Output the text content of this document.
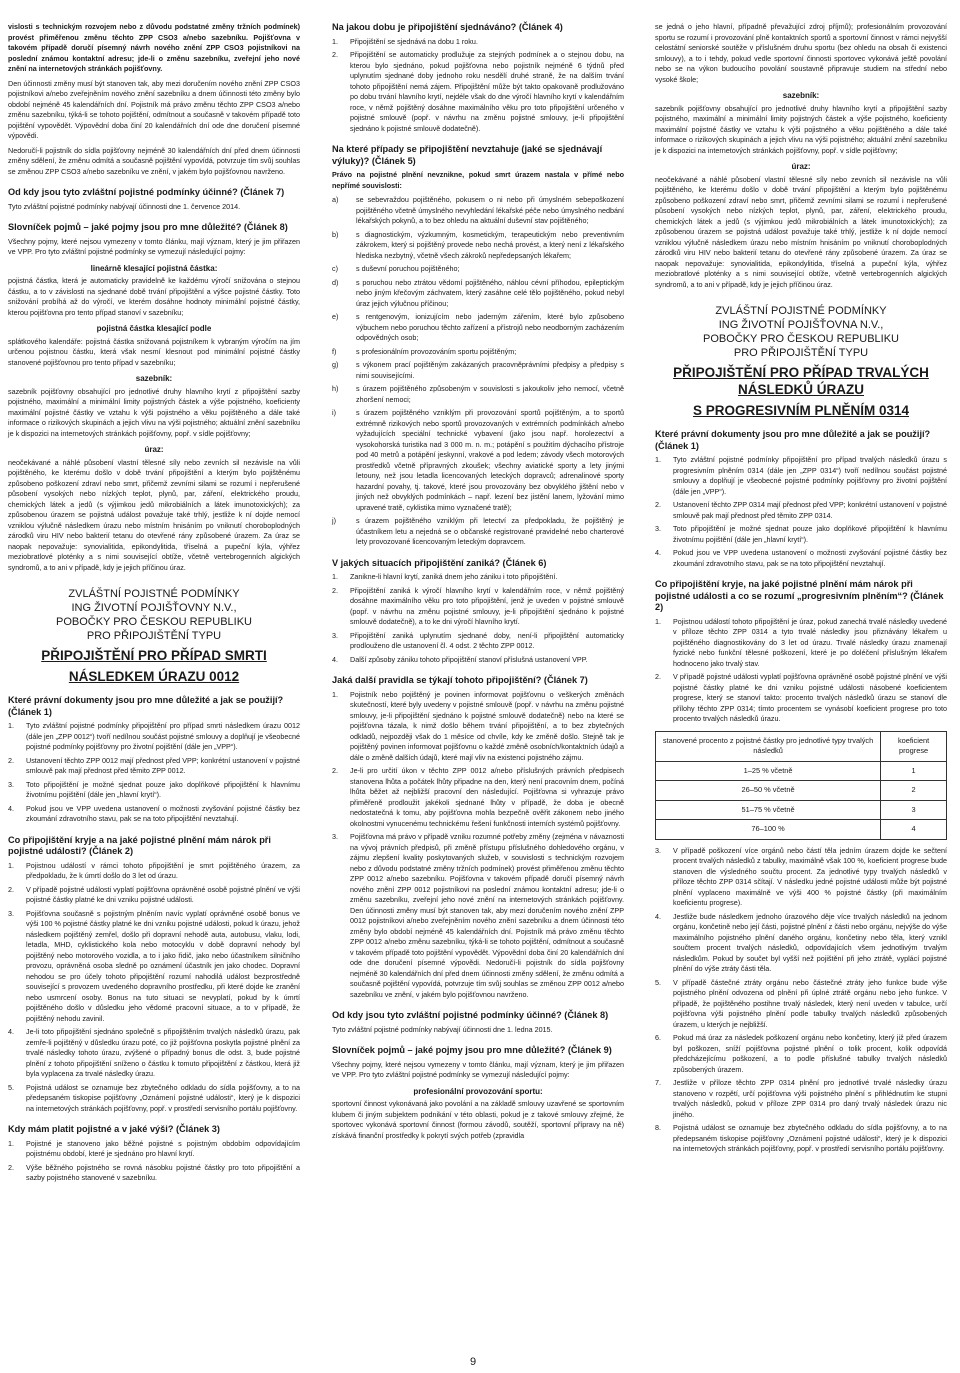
vislosti s technickým rozvojem nebo z důvodu podstatné změny tržních podmínek) provést přiměřenou změnu těchto ZPP CSO3 a/nebo sazebníku. Pojišťovna v takovém případě doručí písemný návrh nového znění ZPP CSO3 pojistníkovi na poslední známou kontaktní adresu; jde-li o změnu sazebníku, zveřejní jeho nové znění na internetových stránkách pojišťovny.

Den účinnosti změny musí být stanoven tak, aby mezi doručením nového znění ZPP CSO3 pojistníkovi a/nebo zveřejněním nového znění sazebníku a dnem účinnosti této změny bylo období nejméně 45 kalendářních dní. Pojistník má právo změnu těchto ZPP CSO3 a/nebo změnu sazebníku, týká-li se tohoto pojištění, odmítnout a současně v takovém případě toto pojištění vypovědět. Výpovědní doba činí 20 kalendářních dní ode dne doručení písemné výpovědi.

Nedoručí-li pojistník do sídla pojišťovny nejméně 30 kalendářních dní před dnem účinnosti změny sdělení, že změnu odmítá a současně pojištění vypovídá, potvrzuje tím svůj souhlas se změnou ZPP CSO3 a/nebo sazebníku ve znění, v jakém bylo pojišťovnou navrženo.

Od kdy jsou tyto zvláštní pojistné podmínky účinné? (Článek 7)

Tyto zvláštní pojistné podmínky nabývají účinnosti dne 1. července 2014.

Slovníček pojmů – jaké pojmy jsou pro mne důležité? (Článek 8)

Všechny pojmy, které nejsou vymezeny v tomto článku, mají význam, který je jim přiřazen ve VPP. Pro tyto zvláštní pojistné podmínky se vymezují následující pojmy:

lineárně klesající pojistná částka:

pojistná částka, která je automaticky pravidelně ke každému výročí snižována o stejnou částku, a to v závislosti na sjednané době trvání připojištění a výšce pojistné částky. Toto snižování probíhá až do výročí, ve kterém dosáhne hodnoty minimální pojistné částky, kterou pojišťovna pro tento případ stanoví v sazebníku;

pojistná částka klesající podle

splátkového kalendáře: pojistná částka snižovaná pojistníkem k vybraným výročím na jím určenou pojistnou částku, která však nesmí klesnout pod minimální pojistné částky stanovené pojišťovnou pro tento případ v sazebníku;

sazebník:

sazebník pojišťovny obsahující pro jednotlivé druhy hlavního krytí z připojištění sazby pojistného, maximální a minimální limity pojistných částek a výše pojistného, koeficienty maximální pojistné částky ve vztahu k výši pojistného a věku pojištěného a dále také informace o rizikových skupinách a jejich vlivu na výši pojistného; aktuální znění sazebníku je k dispozici na internetových stránkách pojišťovny, popř. v sídle pojišťovny;

úraz:

neočekávané a náhlé působení vlastní tělesné síly nebo zevních sil nezávisle na vůli pojištěného, ke kterému došlo v době trvání připojištění a kterým bylo pojištěnému způsobeno poškození zdraví nebo smrt, přičemž zevními silami se rozumí i nepřerušené působení vysokých nebo nízkých teplot, plynů, par, záření, elektrického proudu, chemických látek a jedů (s výjimkou jedů mikrobiálních a látek imunotoxických); za způsobenou úrazem se pojistná událost považuje také trhlý, jestliže k ní dojde nemocí vzniklou výlučně následkem úrazu nebo místním hnisáním po vniknutí choroboplodných zárodků viru HIV nebo bakterií tetanu do otevřené rány způsobené úrazem. Za úraz se naopak nepovažuje: synovialitida, epikondylitida, tříselná a pupeční kýla, výhřez meziobratlové ploténky a s nimi související obtíže, včetně vertebrogenních algických syndromů, a to ani v případě, kdy je jejich příčinou úraz.

ZVLÁŠTNÍ POJISTNÉ PODMÍNKY
ING ŽIVOTNÍ POJIŠŤOVNY N.V.,
POBOČKY PRO ČESKOU REPUBLIKU
PRO PŘIPOJIŠTĚNÍ TYPU
PŘIPOJIŠTĚNÍ PRO PŘÍPAD SMRTI
NÁSLEDKEM ÚRAZU 0012
Které právní dokumenty jsou pro mne důležité a jak se použijí? (Článek 1)
1.	Tyto zvláštní pojistné podmínky připojištění pro případ smrti následkem úrazu 0012 (dále jen „ZPP 0012“) tvoří nedílnou součást pojistné smlouvy a doplňují je všeobecné pojistné podmínky pojišťovny pro životní pojištění (dále jen „VPP“).
2.	Ustanovení těchto ZPP 0012 mají přednost před VPP; konkrétní ustanovení v pojistné smlouvě pak mají přednost před těmito ZPP 0012.
3.	Toto připojištění je možné sjednat pouze jako doplňkové připojištění k hlavnímu životnímu pojištění (dále jen „hlavní krytí“).
4.	Pokud jsou ve VPP uvedena ustanovení o možnosti zvyšování pojistné částky bez zkoumání zdravotního stavu, pak se na toto připojištění nevztahují.
Co připojištění kryje a na jaké pojistné plnění mám nárok při pojistné události? (Článek 2)
1.	Pojistnou událostí v rámci tohoto připojištění je smrt pojištěného úrazem, za předpokladu, že k úmrtí došlo do 3 let od úrazu.
2.	V případě pojistné události vyplatí pojišťovna oprávněné osobě pojistné plnění ve výši pojistné částky platné ke dni vzniku pojistné události.
3.	Pojišťovna současně s pojistným plněním navíc vyplatí oprávněné osobě bonus ve výši 100 % pojistné částky platné ke dni vzniku pojistné události, pokud k úrazu, jehož následkem pojištěný zemřel, došlo při dopravní nehodě auta, autobusu, vlaku, lodi, letadla, MHD, cyklistického kola nebo motocyklu v době dopravní nehody byl pojištěný nebo motorového vozidla, a to i jako řidič, jako nebo účastníkem silničního provozu, oprávněná osoba sledně po oznámení účastník jen jako chodec. Dopravní nehodou se pro účely tohoto připojištění rozumí nahodilá událost bezprostředně související s provozem uvedeného dopravního prostředku, při které dojde ke zranění nebo usmrcení osoby. Bonus na tuto situaci se nevyplatí, pokud by k úmrtí pojištěného došlo v důsledku jeho vědomé pracovní situace, a to v případě, že pojištěný nehodu zavinil.
4.	Je-li toto připojištění sjednáno společně s připojištěním trvalých následků úrazu, pak zemře-li pojištěný v důsledku úrazu poté, co již pojišťovna poskytla pojistné plnění za trvalé následky tohoto úrazu, zvýšené o případný bonus dle odst. 3, bude pojistné plnění z tohoto připojištění sníženo o částku k tomuto připojištění z částkou, která již byla vyplacena za trvalé následky úrazu.
5.	Pojistná událost se oznamuje bez zbytečného odkladu do sídla pojišťovny, a to na předepsaném tiskopise pojišťovny „Oznámení pojistné události“, který je k dispozici na internetových stránkách pojišťovny, popř. v prostředí servisního portálu pojišťovny.
Kdy mám platit pojistné a v jaké výši? (Článek 3)
1.	Pojistné je stanoveno jako běžné pojistné s pojistným obdobím odpovídajícím pojistnému období, které je sjednáno pro hlavní krytí.
2.	Výše běžného pojistného se rovná násobku pojistné částky pro toto připojištění a sazby pojistného stanovené v sazebníku.
Na jakou dobu je připojištění sjednáváno? (Článek 4)
1.	Připojištění se sjednává na dobu 1 roku.
2.	Připojištění se automaticky prodlužuje za stejných podmínek a o stejnou dobu, na kterou bylo sjednáno, pokud pojišťovna nebo pojistník nejméně 6 týdnů před uplynutím sjednané doby jednoho roku nesdělí druhé straně, že na dalším trvání tohoto připojištění nemá zájem. Připojištění může být takto opakovaně prodlužováno po dobu trvání hlavního krytí, nejdéle však do dne výročí hlavního krytí v kalendářním roce, v němž pojištěný dosáhne maximálního věku pro toto připojištění určeného v pojistné smlouvě (popř. v návrhu na změnu pojistné smlouvy, je-li připojištění sjednáno k pojistné smlouvě dodatečně).
Na které případy se připojištění nevztahuje (jaké se sjednávají výluky)? (Článek 5)

Právo na pojistné plnění nevznikne, pokud smrt úrazem nastala v přímé nebo nepřímé souvislosti:

a)	se sebevraždou pojištěného, pokusem o ni nebo při úmyslném sebepoškození pojištěného včetně úmyslného nevyhledání lékařské péče nebo úmyslného nedbání lékařských pokynů, a to bez ohledu na aktuální duševní stav pojištěného;
b)	s diagnostickým, výzkumným, kosmetickým, terapeutickým nebo preventivním zákrokem, který si pojištěný provede nebo nechá provést, a který není z lékařského hlediska nezbytný, včetně všech zákroků nepředepsaných lékařem;
c)	s duševní poruchou pojištěného;
d)	s poruchou nebo ztrátou vědomí pojištěného, náhlou cévní příhodou, epileptickým nebo jiným křečovým záchvatem, který zasáhne celé tělo pojištěného, pokud nebyl úraz jejich výlučnou příčinou;
e)	s rentgenovým, ionizujícím nebo jaderným zářením, které bylo způsobeno výbuchem nebo poruchou těchto zařízení a přístrojů nebo neodborným zacházením odpovědných osob;
f)	s profesionálním provozováním sportu pojištěným;
g)	s výkonem prací pojištěným zakázaných pracovněprávními předpisy a předpisy s nimi souvisejícími.
h)	s úrazem pojištěného způsobeným v souvislosti s jakoukoliv jeho nemocí, včetně zhoršení nemoci;
i)	s úrazem pojištěného vzniklým při provozování sportů pojištěným, a to sportů extrémně rizikových nebo sportů provozovaných v extrémních podmínkách a/nebo vyžadujících speciální technické vybavení (jako jsou např. horolezectví a vysokohorská turistika nad 3 000 m. n. m.; potápění s použitím dýchacího přístroje pod 40 metrů a potápění jeskynní, vrakové a pod ledem; závody všech motorových prostředků včetně přípravných zkoušek; všechny aviatické sporty a lety jinými letouny, než jsou letadla licencovaných leteckých dopravců; adrenalinové sporty hazardní povahy, tj. takové, které jsou provozovány bez obvyklého jištění nebo v jiných než obvyklých podmínkách – např. lezení bez jistění lanem, lyžování mimo upravené tratě, cyklistika mimo vyznačené tratě);
j)	s úrazem pojištěného vzniklým při letectví za předpokladu, že pojištěný je účastníkem letu a nejedná se o občanské registrované pravidelné nebo charterové lety provozované licencovaným leteckým dopravcem.
V jakých situacích připojištění zaniká? (Článek 6)
1.	Zanikne-li hlavní krytí, zaniká dnem jeho zániku i toto připojištění.
2.	Připojištění zaniká k výročí hlavního krytí v kalendářním roce, v němž pojištěný dosáhne maximálního věku pro toto připojištění, jenž je uveden v pojistné smlouvě (popř. v návrhu na změnu pojistné smlouvy, je-li připojištění sjednáno k pojistné smlouvě dodatečně), a to ke dni výročí hlavního krytí.
3.	Připojištění zaniká uplynutím sjednané doby, není-li připojištění automaticky prodlouženo dle ustanovení čl. 4 odst. 2 těchto ZPP 0012.
4.	Další způsoby zániku tohoto připojištění stanoví příslušná ustanovení VPP.
Jaká další pravidla se týkají tohoto připojištění? (Článek 7)
1.	Pojistník nebo pojištěný je povinen informovat pojišťovnu o veškerých změnách skutečností, které byly uvedeny v pojistné smlouvě (popř. v návrhu na změnu pojistné smlouvy, je-li připojištění sjednáno k pojistné smlouvě dodatečně) nebo na které se pojišťovna tázala, k nimž došlo během trvání připojištění, a to bez zbytečných odkladů, nejpozději však do 1 měsíce od chvíle, kdy ke změně došlo. Stejně tak je pojištěný povinen informovat pojišťovnu o každé změně osobních/kontaktních údajů a dále o změně dalších údajů, které mají vliv na existenci pojistného zájmu.
2.	Je-li pro určití úkon v těchto ZPP 0012 a/nebo příslušných právních předpisech stanovena lhůta a počátek lhůty připadne na den, který není pracovním dnem, počíná lhůta běžet až nejbližší pracovní den následující. Pojišťovna si vyhrazuje právo přiměřeně prodloužit jakékoli sjednané lhůty v případě, že doba je obecně nedostatečná k tomu, aby pojišťovna mohla bezpečně ověřit zákonem nebo jiného okolnostmi vynucenému technickému řešení funkčnosti interních systémů pojišťovny.
3.	Pojišťovna má právo v případě vzniku rozumné potřeby změny (zejména v návaznosti na vývoj právních předpisů, při změně přístupu příslušného dohledového orgánu, v zájmu zlepšení kvality poskytovaných služeb, v souvislosti s technickým rozvojem nebo z důvodu podstatné změny tržních podmínek) provést přiměřenou změnu těchto ZPP 0012 a/nebo sazebníku. Pojišťovna v takovém případě doručí písemný návrh nového znění ZPP 0012 pojistníkovi na poslední známou kontaktní adresu; jde-li o změnu sazebníku, zveřejní jeho nové znění na internetových stránkách pojišťovny. Den účinnosti změny musí být stanoven tak, aby mezi doručením nového znění ZPP 0012 pojistníkovi a/nebo zveřejněním nového znění sazebníku a dnem účinnosti této změny bylo období nejméně 45 kalendářních dní. Pojistník má právo změnu těchto ZPP 0012 a/nebo změnu sazebníku, týká-li se tohoto pojištění, odmítnout a současně v takovém případě toto pojištění vypovědět. Výpovědní doba činí 20 kalendářních dní ode dne doručení písemné výpovědi. Nedoručí-li pojistník do sídla pojišťovny nejméně 30 kalendářních dní před dnem účinnosti změny sdělení, že změnu odmítá a současně pojištění vypovídá, potvrzuje tím svůj souhlas se změnou ZPP 0012 a/nebo sazebníku ve znění, v jakém bylo pojišťovnou navrženo.
Od kdy jsou tyto zvláštní pojistné podmínky účinné? (Článek 8)

Tyto zvláštní pojistné podmínky nabývají účinnosti dne 1. ledna 2015.

Slovníček pojmů – jaké pojmy jsou pro mne důležité? (Článek 9)

Všechny pojmy, které nejsou vymezeny v tomto článku, mají význam, který je jim přiřazen ve VPP. Pro tyto zvláštní pojistné podmínky se vymezují následující pojmy:

profesionální provozování sportu:

sportovní činnost vykonávaná jako povolání a na základě smlouvy uzavřené se sportovním klubem či jiným subjektem podnikání v této oblasti, pokud je z takové smlouvy zřejmé, že sportovec vykonává sportovní činnost (formou závodů, soutěží, sportovní přípravy na ně) získává finanční prostředky k pokrytí svých potřeb (zpravidla

se jedná o jeho hlavní, případně převažující zdroj příjmů); profesionálním provozování sportu se rozumí i provozování plně kontaktních sportů a sportovní činnost v rámci nejvyšší celostátní seniorské soutěže v příslušném druhu sportu (bez ohledu na obsah či existenci smlouvy), a to i tehdy, pokud vedle sportovní činnosti sportovec vykonává ještě povolání nebo se na výkon budoucího povolání soustavně připravuje studiem na střední nebo vysoké škole;

sazebník:

sazebník pojišťovny obsahující pro jednotlivé druhy hlavního krytí a připojištění sazby pojistného, maximální a minimální limity pojistných částek a výše pojistného, koeficienty maximální pojistné částky ve vztahu k výši pojistného a věku pojištěného a dále také informace o rizikových skupinách a jejich vlivu na výši pojistného; aktuální znění sazebníku je k dispozici na internetových stránkách pojišťovny, popř. v sídle pojišťovny;

úraz:

neočekávané a náhlé působení vlastní tělesné síly nebo zevních sil nezávisle na vůli pojištěného, ke kterému došlo v době trvání připojištění a kterým bylo pojištěnému způsobeno poškození zdraví nebo smrt, přičemž zevními silami se rozumí i nepřerušené působení vysokých nebo nízkých teplot, plynů, par, záření, elektrického proudu, chemických látek a jedů (s výjimkou jedů mikrobiálních a látek imunotoxických); za způsobenou úrazem se pojistná událost považuje také trhlý, jestliže k ní dojde nemocí vzniklou výlučně následkem úrazu nebo místním hnisáním po vniknutí choroboplodných zárodků viru HIV nebo bakterií tetanu do otevřené rány způsobené úrazem. Za úraz se naopak nepovažuje: synovialitida, epikondylitida, tříselná a pupeční kýla, výhřez meziobratlové ploténky a s nimi související obtíže, včetně vertebrogenních algických syndromů, a to ani v případě, kdy je jejich příčinou úraz.

ZVLÁŠTNÍ POJISTNÉ PODMÍNKY
ING ŽIVOTNÍ POJIŠŤOVNA N.V.,
POBOČKY PRO ČESKOU REPUBLIKU
PRO PŘIPOJIŠTĚNÍ TYPU
PŘIPOJIŠTĚNÍ PRO PŘÍPAD TRVALÝCH NÁSLEDKŮ ÚRAZU
S PROGRESIVNÍM PLNĚNÍM 0314
Které právní dokumenty jsou pro mne důležité a jak se použijí? (Článek 1)
1.	Tyto zvláštní pojistné podmínky připojištění pro případ trvalých následků úrazu s progresivním plněním 0314 (dále jen „ZPP 0314“) tvoří nedílnou součást pojistné smlouvy a doplňují je všeobecné pojistné podmínky pojišťovny pro životní pojištění (dále jen „VPP“).
2.	Ustanovení těchto ZPP 0314 mají přednost před VPP; konkrétní ustanovení v pojistné smlouvě pak mají přednost před těmito ZPP 0314.
3.	Toto připojištění je možné sjednat pouze jako doplňkové připojištění k hlavnímu životnímu pojištění (dále jen „hlavní krytí“).
4.	Pokud jsou ve VPP uvedena ustanovení o možnosti zvyšování pojistné částky bez zkoumání zdravotního stavu, pak se na toto připojištění nevztahují.
Co připojištění kryje, na jaké pojistné plnění mám nárok při pojistné události a co se rozumí „progresivním plněním“? (Článek 2)
1.	Pojistnou událostí tohoto připojištění je úraz, pokud zanechá trvalé následky uvedené v příloze těchto ZPP 0314 a tyto trvalé následky jsou přiznávány lékařem u pojištěného diagnostikovány do 3 let od úrazu. Trvalé následky úrazu znamenají fyzické nebo funkční tělesné poškození, které je po doléčení příslušným lékařem hodnoceno jako trvalý stav.
2.	V případě pojistné události vyplatí pojišťovna oprávněné osobě pojistné plnění ve výši pojistné částky platné ke dni vzniku pojistné události násobené koeficientem progrese, který se stanoví takto: procento trvalých následků úrazu se stanoví dle přílohy těchto ZPP 0314; tímto procentem se vynásobí koeficient progrese pro toto procento trvalých následků úrazu.
stanovené procento z pojistné částky pro jednotlivé typy trvalých následků	koeficient progrese
1–25 % včetně	1
26–50 % včetně	2
51–75 % včetně	3
76–100 %	4
3.	V případě poškození více orgánů nebo částí těla jedním úrazem dojde ke sečtení procent trvalých následků z tabulky, maximálně však 100 %, koeficient progrese bude stanoven dle výsledného součtu procent. Za jednotlivé typy trvalých následků v příloze těchto ZPP 0314 sčítají. V následku jedné pojistné události může být pojistné plnění vyplaceno maximálně ve výši 400 % pojistné částky (při maximálním koeficientu progrese).
4.	Jestliže bude následkem jednoho úrazového děje více trvalých následků na jednom orgánu, končetině nebo její části, pojistné plnění z části nebo orgánu, nejvýše do výše maximálního pojistného plnění daného orgánu, končetiny nebo těla, který vznikl součtem procent trvalých následků, odpovídajících všem jednotlivým trvalým následkům. Pokud by součet byl vyšší než pojištění při jeho ztrátě, vyplácí pojistné plnění do výše ztráty části těla.
5.	V případě částečné ztráty orgánu nebo částečné ztráty jeho funkce bude výše pojistného plnění odvozena od plnění při úplné ztrátě orgánu nebo jeho funkce. V případě, že pojištěného postihne trvalý následek, který není uveden v tabulce, určí pojišťovna výši pojistného plnění podle tabulky trvalých následků způsobených úrazem, u kterých je nejbližší.
6.	Pokud má úraz za následek poškození orgánu nebo končetiny, který již před úrazem byl poškozen, sníží pojišťovna pojistné plnění o tolik procent, kolik odpovídá předcházejícímu poškození, a to podle příslušné tabulky trvalých následků způsobených úrazem.
7.	Jestliže v příloze těchto ZPP 0314 plnění pro jednotlivé trvalé následky úrazu stanoveno v rozpětí, určí pojišťovna výši pojistného plnění s přihlédnutím ke stupni trvalých následků, pokud v příloze ZPP 0314 pro daný trvalý následek úrazu nic jiného.
8.	Pojistná událost se oznamuje bez zbytečného odkladu do sídla pojišťovny, a to na předepsaném tiskopise pojišťovny „Oznámení pojistné události“, který je k dispozici na internetových stránkách pojišťovny, popř. v prostředí servisního portálu pojišťovny.
9
